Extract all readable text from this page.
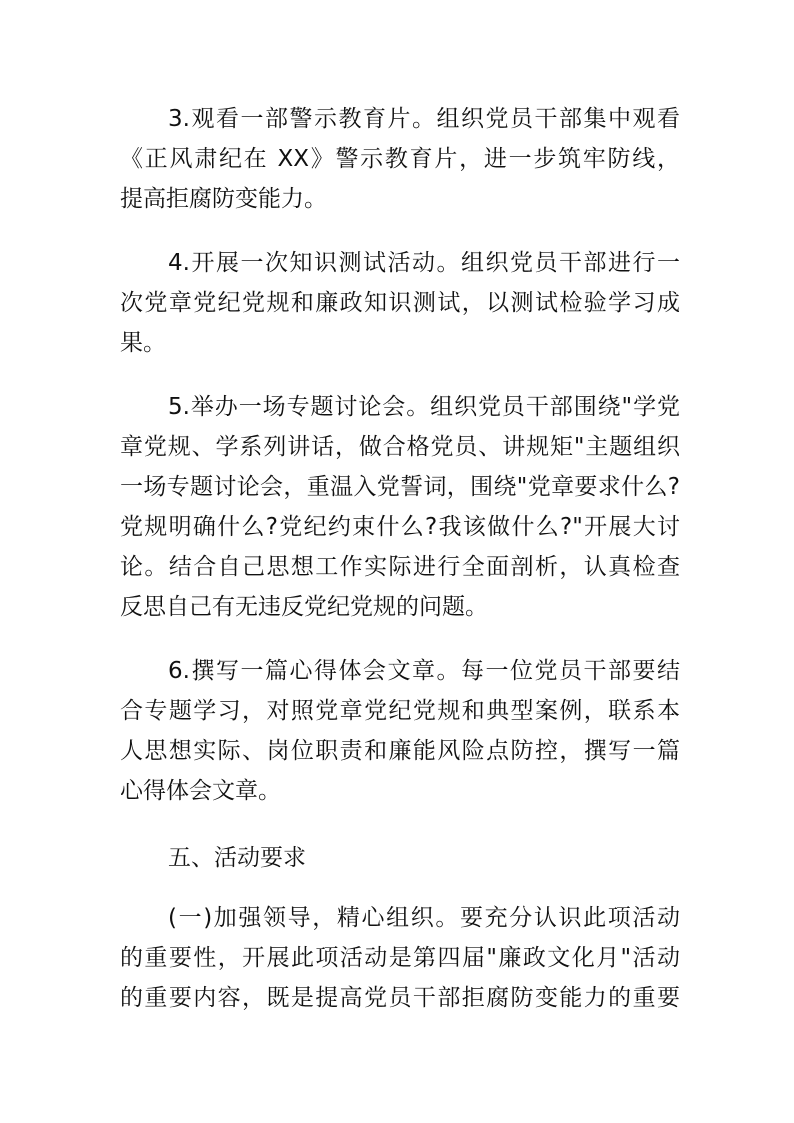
3.观看一部警示教育片。组织党员干部集中观看
《正风肃纪在 XX》警示教育片，进一步筑牢防线，
提高拒腐防变能力。
4.开展一次知识测试活动。组织党员干部进行一
次党章党纪党规和廉政知识测试，以测试检验学习成
果。
5.举办一场专题讨论会。组织党员干部围绕"学党
章党规、学系列讲话，做合格党员、讲规矩"主题组织
一场专题讨论会，重温入党誓词，围绕"党章要求什么?
党规明确什么?党纪约束什么?我该做什么?"开展大讨
论。结合自己思想工作实际进行全面剖析，认真检查
反思自己有无违反党纪党规的问题。
6.撰写一篇心得体会文章。每一位党员干部要结
合专题学习，对照党章党纪党规和典型案例，联系本
人思想实际、岗位职责和廉能风险点防控，撰写一篇
心得体会文章。
五、活动要求
(一)加强领导，精心组织。要充分认识此项活动
的重要性，开展此项活动是第四届"廉政文化月"活动
的重要内容，既是提高党员干部拒腐防变能力的重要
